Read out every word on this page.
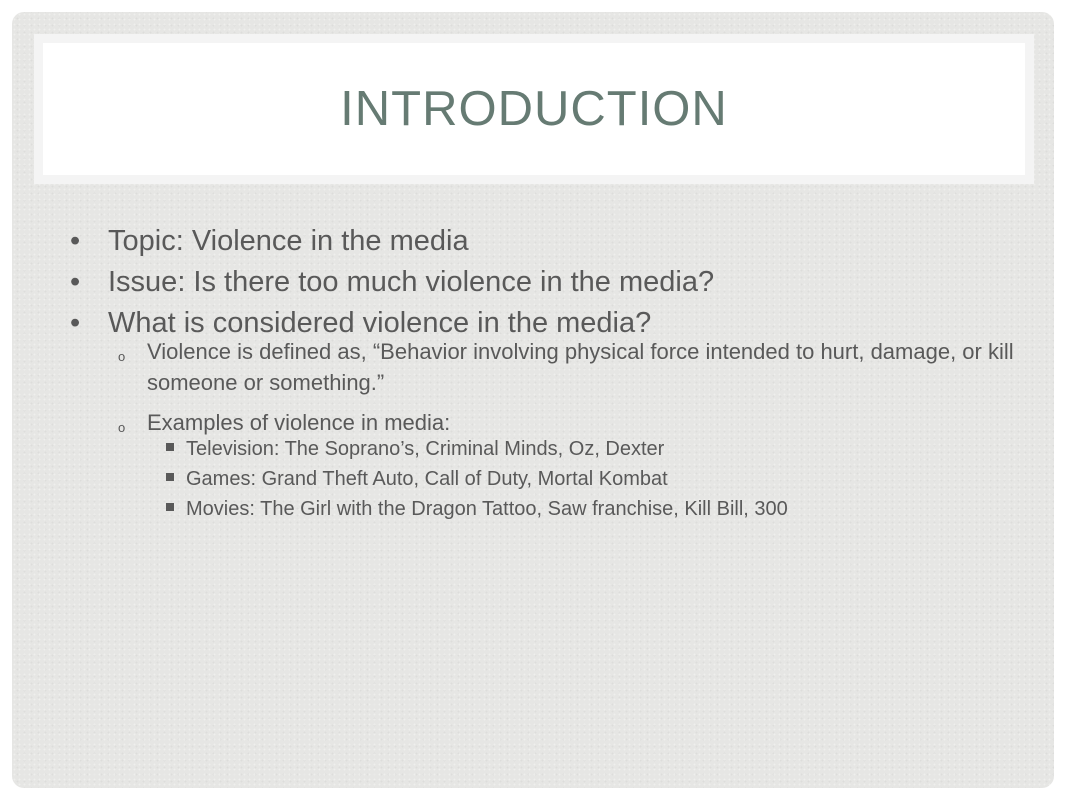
INTRODUCTION
• Topic: Violence in the media
• Issue: Is there too much violence in the media?
• What is considered violence in the media?
o Violence is defined as, “Behavior involving physical force intended to hurt, damage, or kill someone or something.”
o Examples of violence in media:
Television: The Soprano’s, Criminal Minds, Oz, Dexter
Games: Grand Theft Auto, Call of Duty, Mortal Kombat
Movies: The Girl with the Dragon Tattoo, Saw franchise, Kill Bill, 300
